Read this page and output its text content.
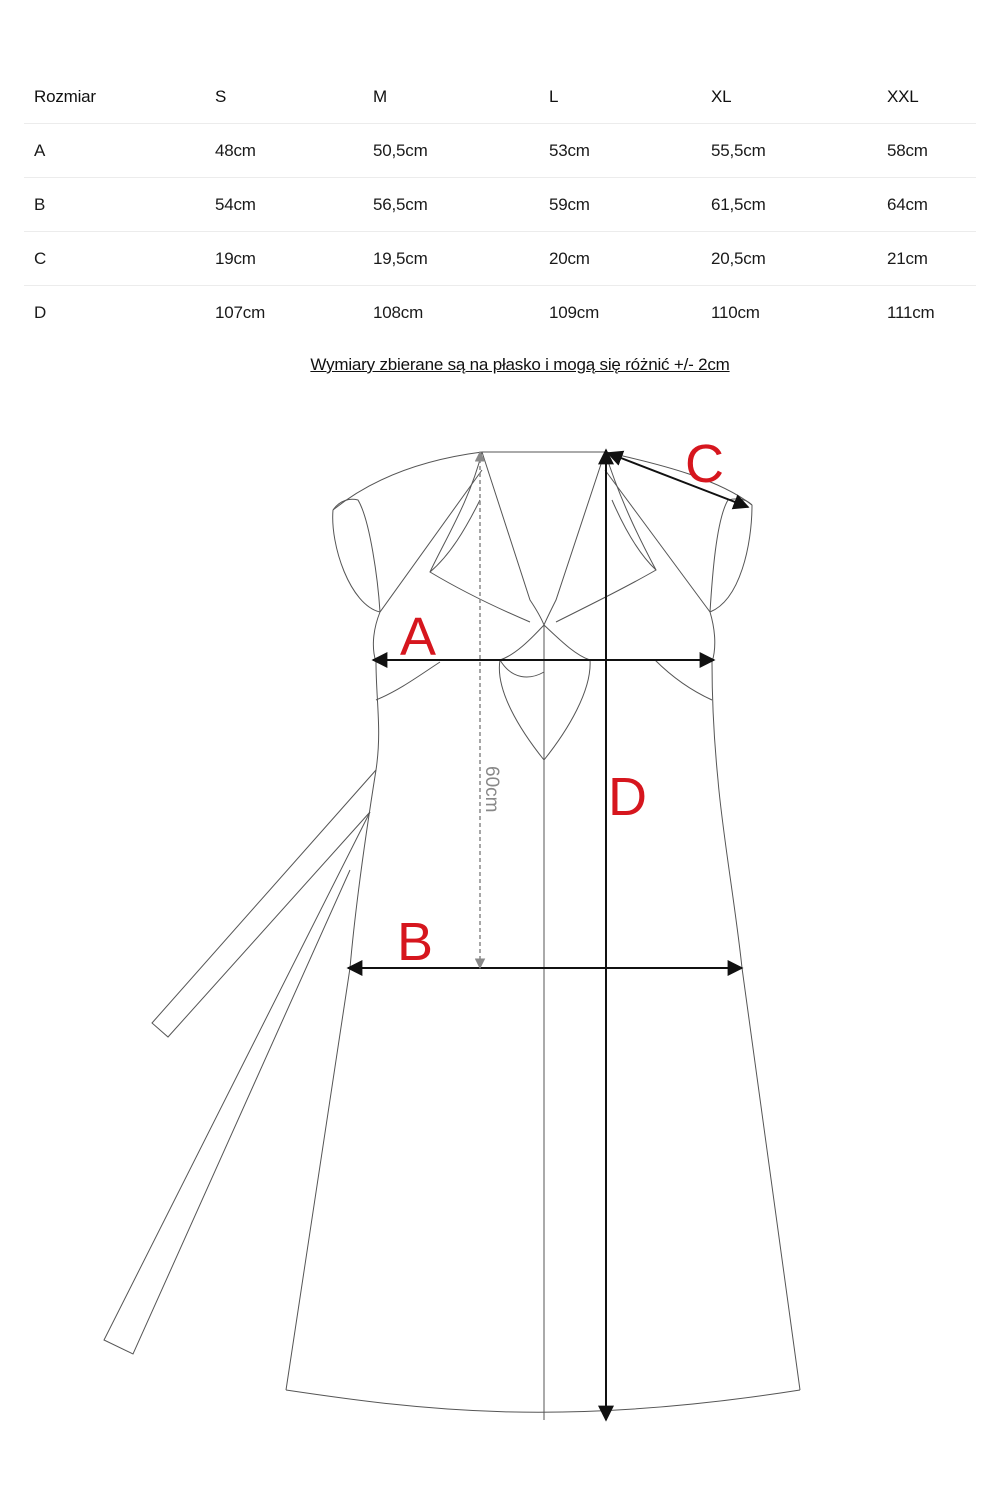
Rozmiar	S	M	L	XL	XXL
A	48cm	50,5cm	53cm	55,5cm	58cm
B	54cm	56,5cm	59cm	61,5cm	64cm
C	19cm	19,5cm	20cm	20,5cm	21cm
D	107cm	108cm	109cm	110cm	111cm
Wymiary zbierane są na płasko i mogą się różnić +/- 2cm
A
B
C
D
60cm
